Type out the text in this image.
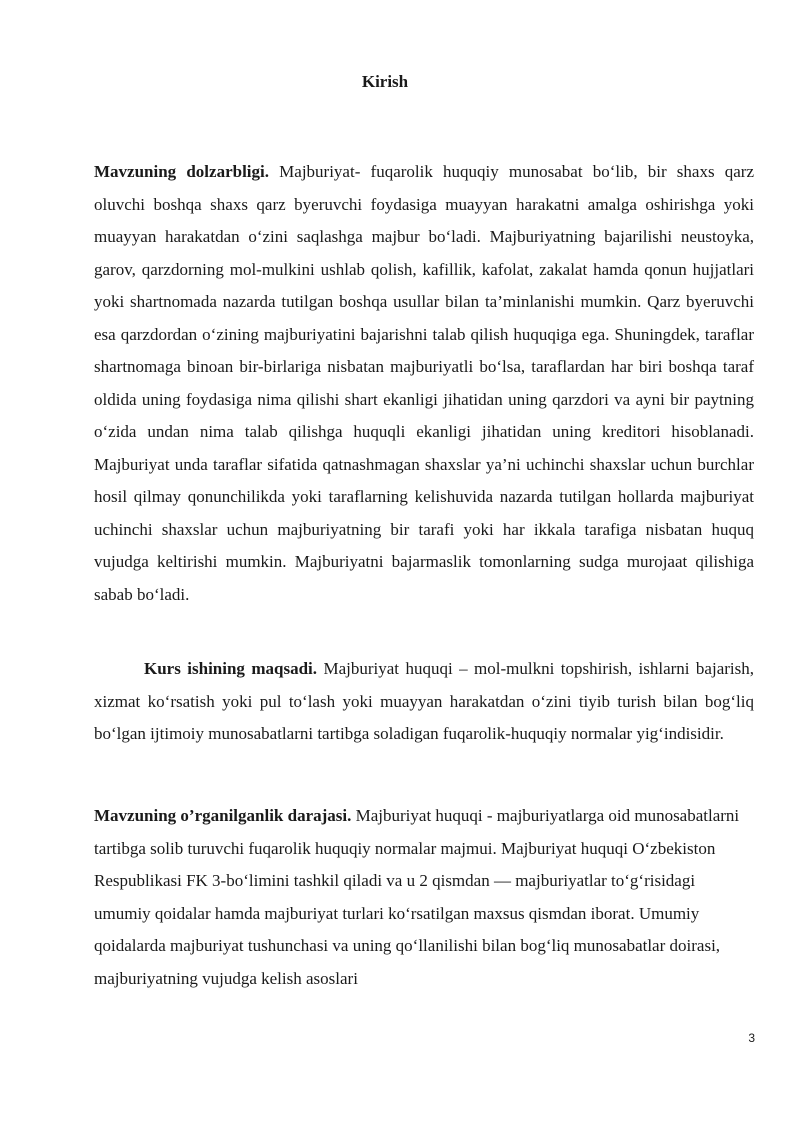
Kirish

Mavzuning dolzarbligi. Majburiyat- fuqarolik huquqiy munosabat bo‘lib, bir shaxs qarz oluvchi boshqa shaxs qarz byeruvchi foydasiga muayyan harakatni amalga oshirishga yoki muayyan harakatdan o‘zini saqlashga majbur bo‘ladi. Majburiyatning bajarilishi neustoyka, garov, qarzdorning mol-mulkini ushlab qolish, kafillik, kafolat, zakalat hamda qonun hujjatlari yoki shartnomada nazarda tutilgan boshqa usullar bilan ta’minlanishi mumkin. Qarz byeruvchi esa qarzdordan o‘zining majburiyatini bajarishni talab qilish huquqiga ega. Shuningdek, taraflar shartnomaga binoan bir-birlariga nisbatan majburiyatli bo‘lsa, taraflardan har biri boshqa taraf oldida uning foydasiga nima qilishi shart ekanligi jihatidan uning qarzdori va ayni bir paytning o‘zida undan nima talab qilishga huquqli ekanligi jihatidan uning kreditori hisoblanadi. Majburiyat unda taraflar sifatida qatnashmagan shaxslar ya’ni uchinchi shaxslar uchun burchlar hosil qilmay qonunchilikda yoki taraflarning kelishuvida nazarda tutilgan hollarda majburiyat uchinchi shaxslar uchun majburiyatning bir tarafi yoki har ikkala tarafiga nisbatan huquq vujudga keltirishi mumkin. Majburiyatni bajarmaslik tomonlarning sudga murojaat qilishiga sabab bo‘ladi.

Kurs ishining maqsadi. Majburiyat huquqi – mol-mulkni topshirish, ishlarni bajarish, xizmat ko‘rsatish yoki pul to‘lash yoki muayyan harakatdan o‘zini tiyib turish bilan bog‘liq bo‘lgan ijtimoiy munosabatlarni tartibga soladigan fuqarolik-huquqiy normalar yig‘indisidir.

Mavzuning o’rganilganlik darajasi. Majburiyat huquqi - majburiyatlarga oid munosabatlarni tartibga solib turuvchi fuqarolik huquqiy normalar majmui. Majburiyat huquqi O‘zbekiston Respublikasi FK 3-bo‘limini tashkil qiladi va u 2 qismdan — majburiyatlar to‘g‘risidagi umumiy qoidalar hamda majburiyat turlari ko‘rsatilgan maxsus qismdan iborat. Umumiy qoidalarda majburiyat tushunchasi va uning qo‘llanilishi bilan bog‘liq munosabatlar doirasi, majburiyatning vujudga kelish asoslari

3
